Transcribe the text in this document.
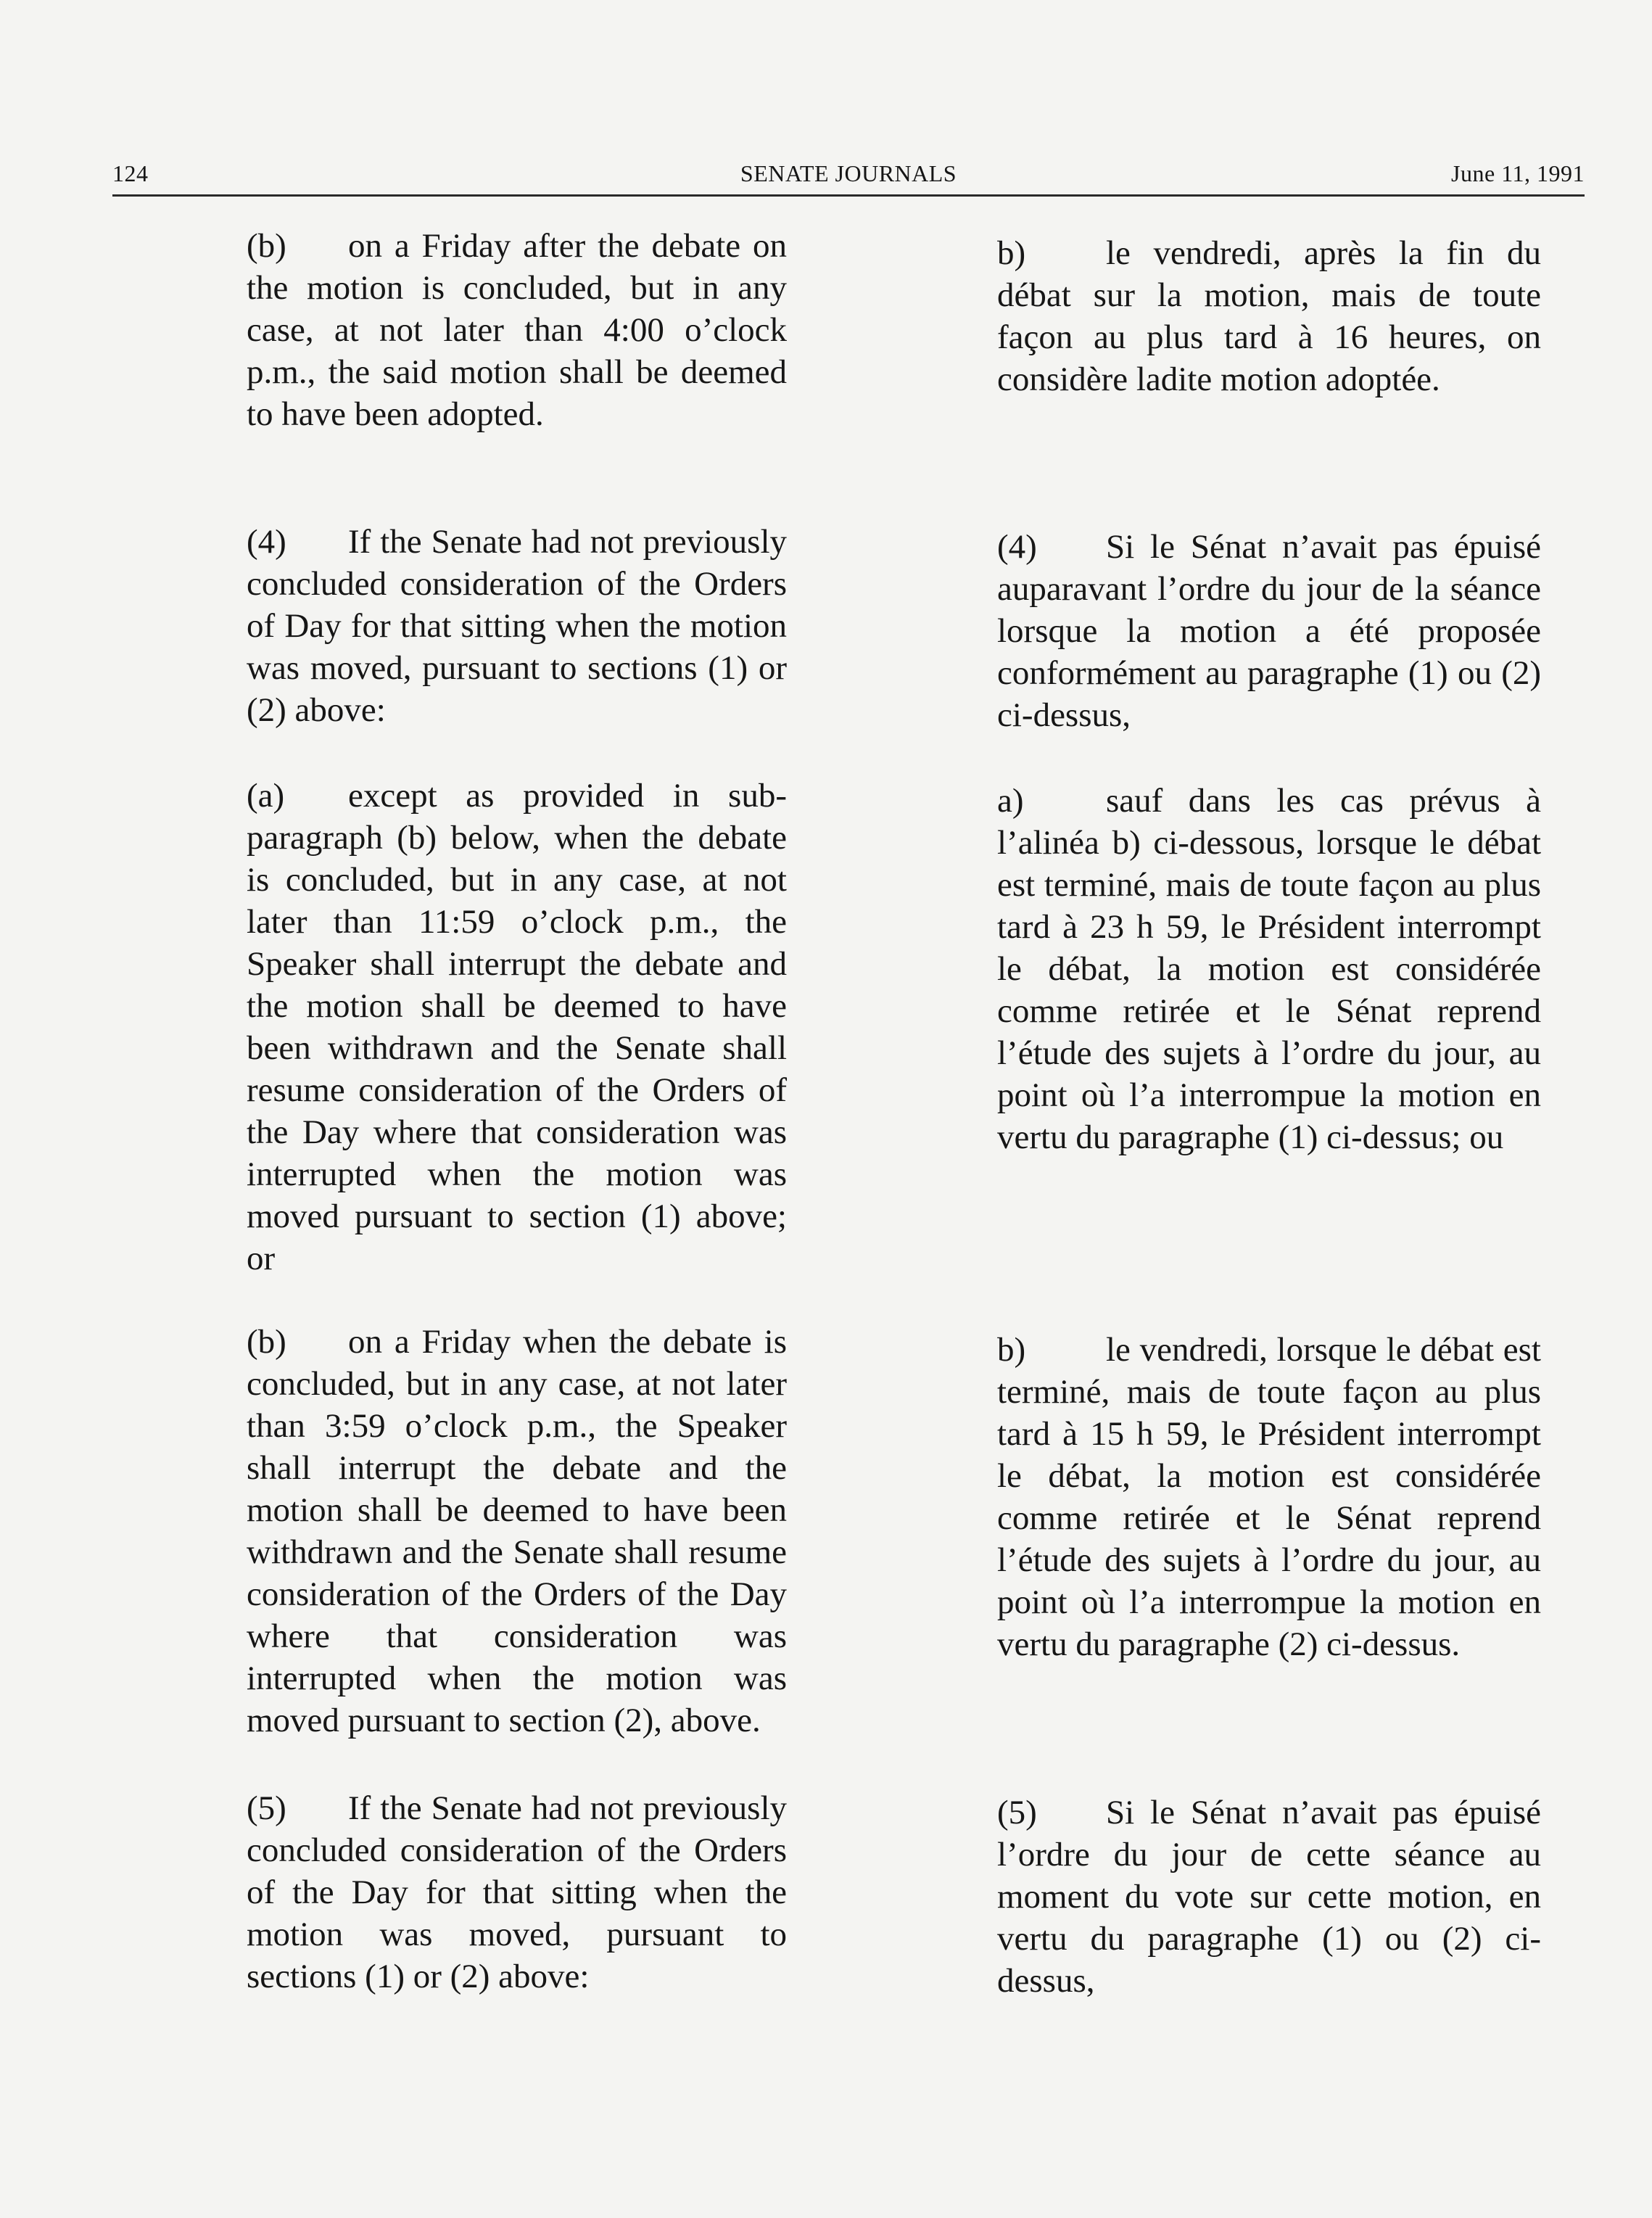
124	SENATE JOURNALS	June 11, 1991

(b) on a Friday after the debate on the motion is concluded, but in any case, at not later than 4:00 o’clock p.m., the said motion shall be deemed to have been adopted.

(4) If the Senate had not previously concluded consideration of the Orders of Day for that sitting when the motion was moved, pursuant to sections (1) or (2) above:

(a) except as provided in sub-paragraph (b) below, when the debate is concluded, but in any case, at not later than 11:59 o’clock p.m., the Speaker shall interrupt the debate and the motion shall be deemed to have been withdrawn and the Senate shall resume consideration of the Orders of the Day where that consideration was interrupted when the motion was moved pursuant to section (1) above; or

(b) on a Friday when the debate is concluded, but in any case, at not later than 3:59 o’clock p.m., the Speaker shall interrupt the debate and the motion shall be deemed to have been withdrawn and the Senate shall resume consideration of the Orders of the Day where that consideration was interrupted when the motion was moved pursuant to section (2), above.

(5) If the Senate had not previously concluded consideration of the Orders of the Day for that sitting when the motion was moved, pursuant to sections (1) or (2) above:

b) le vendredi, après la fin du débat sur la motion, mais de toute façon au plus tard à 16 heures, on considère ladite motion adoptée.

(4) Si le Sénat n’avait pas épuisé auparavant l’ordre du jour de la séance lorsque la motion a été proposée conformément au paragraphe (1) ou (2) ci-dessus,

a) sauf dans les cas prévus à l’alinéa b) ci-dessous, lorsque le débat est terminé, mais de toute façon au plus tard à 23 h 59, le Président interrompt le débat, la motion est considérée comme retirée et le Sénat reprend l’étude des sujets à l’ordre du jour, au point où l’a interrompue la motion en vertu du paragraphe (1) ci-dessus; ou

b) le vendredi, lorsque le débat est terminé, mais de toute façon au plus tard à 15 h 59, le Président interrompt le débat, la motion est considérée comme retirée et le Sénat reprend l’étude des sujets à l’ordre du jour, au point où l’a interrompue la motion en vertu du paragraphe (2) ci-dessus.

(5) Si le Sénat n’avait pas épuisé l’ordre du jour de cette séance au moment du vote sur cette motion, en vertu du paragraphe (1) ou (2) ci-dessus,
